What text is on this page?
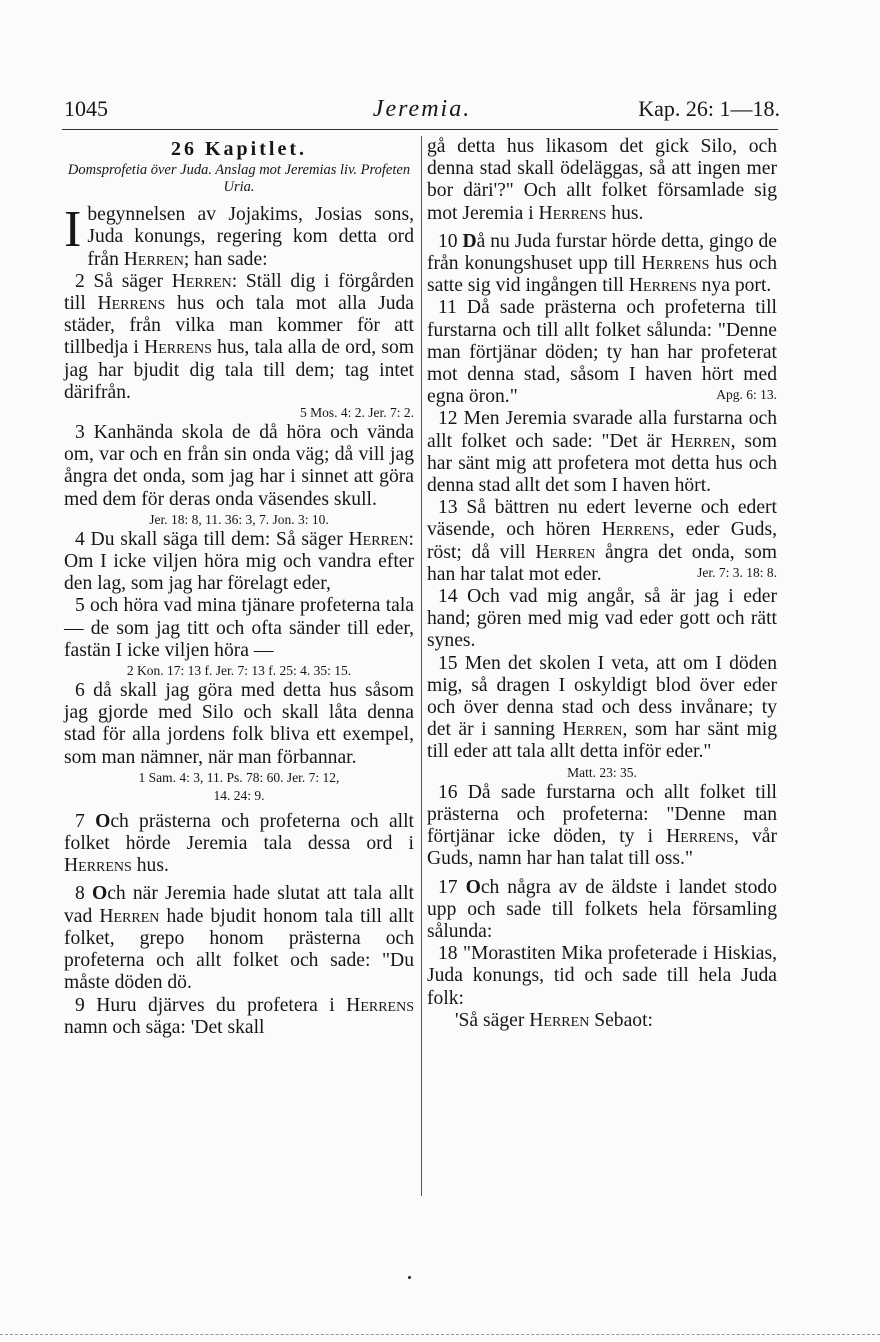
1045	Jeremia.	Kap. 26: 1—18.
26 Kapitlet.
Domsprofetia över Juda. Anslag mot Jeremias liv. Profeten Uria.

Ibegynnelsen av Jojakims, Josias sons, Juda konungs, regering kom detta ord från Herren; han sade:

2 Så säger Herren: Ställ dig i förgården till Herrens hus och tala mot alla Juda städer, från vilka man kommer för att tillbedja i Herrens hus, tala alla de ord, som jag har bjudit dig tala till dem; tag intet därifrån.

5 Mos. 4: 2. Jer. 7: 2.

3 Kanhända skola de då höra och vända om, var och en från sin onda väg; då vill jag ångra det onda, som jag har i sinnet att göra med dem för deras onda väsendes skull.

Jer. 18: 8, 11. 36: 3, 7. Jon. 3: 10.

4 Du skall säga till dem: Så säger Herren: Om I icke viljen höra mig och vandra efter den lag, som jag har förelagt eder,

5 och höra vad mina tjänare profeterna tala — de som jag titt och ofta sänder till eder, fastän I icke viljen höra —

2 Kon. 17: 13 f. Jer. 7: 13 f. 25: 4. 35: 15.

6 då skall jag göra med detta hus såsom jag gjorde med Silo och skall låta denna stad för alla jordens folk bliva ett exempel, som man nämner, när man förbannar.

1 Sam. 4: 3, 11. Ps. 78: 60. Jer. 7: 12,
14. 24: 9.

7 Och prästerna och profeterna och allt folket hörde Jeremia tala dessa ord i Herrens hus.

8 Och när Jeremia hade slutat att tala allt vad Herren hade bjudit honom tala till allt folket, grepo honom prästerna och profeterna och allt folket och sade: "Du måste döden dö.

9 Huru djärves du profetera i Herrens namn och säga: 'Det skall

gå detta hus likasom det gick Silo, och denna stad skall ödeläggas, så att ingen mer bor däri'?" Och allt folket församlade sig mot Jeremia i Herrens hus.

10 Då nu Juda furstar hörde detta, gingo de från konungshuset upp till Herrens hus och satte sig vid ingången till Herrens nya port.

11 Då sade prästerna och profeterna till furstarna och till allt folket sålunda: "Denne man förtjänar döden; ty han har profeterat mot denna stad, såsom I haven hört med egna öron."	Apg. 6: 13.

12 Men Jeremia svarade alla furstarna och allt folket och sade: "Det är Herren, som har sänt mig att profetera mot detta hus och denna stad allt det som I haven hört.

13 Så bättren nu edert leverne och edert väsende, och hören Herrens, eder Guds, röst; då vill Herren ångra det onda, som han har talat mot eder.	Jer. 7: 3. 18: 8.

14 Och vad mig angår, så är jag i eder hand; gören med mig vad eder gott och rätt synes.

15 Men det skolen I veta, att om I döden mig, så dragen I oskyldigt blod över eder och över denna stad och dess invånare; ty det är i sanning Herren, som har sänt mig till eder att tala allt detta inför eder."

Matt. 23: 35.

16 Då sade furstarna och allt folket till prästerna och profeterna: "Denne man förtjänar icke döden, ty i Herrens, vår Guds, namn har han talat till oss."

17 Och några av de äldste i landet stodo upp och sade till folkets hela församling sålunda:

18 "Morastiten Mika profeterade i Hiskias, Juda konungs, tid och sade till hela Juda folk:

'Så säger Herren Sebaot:
